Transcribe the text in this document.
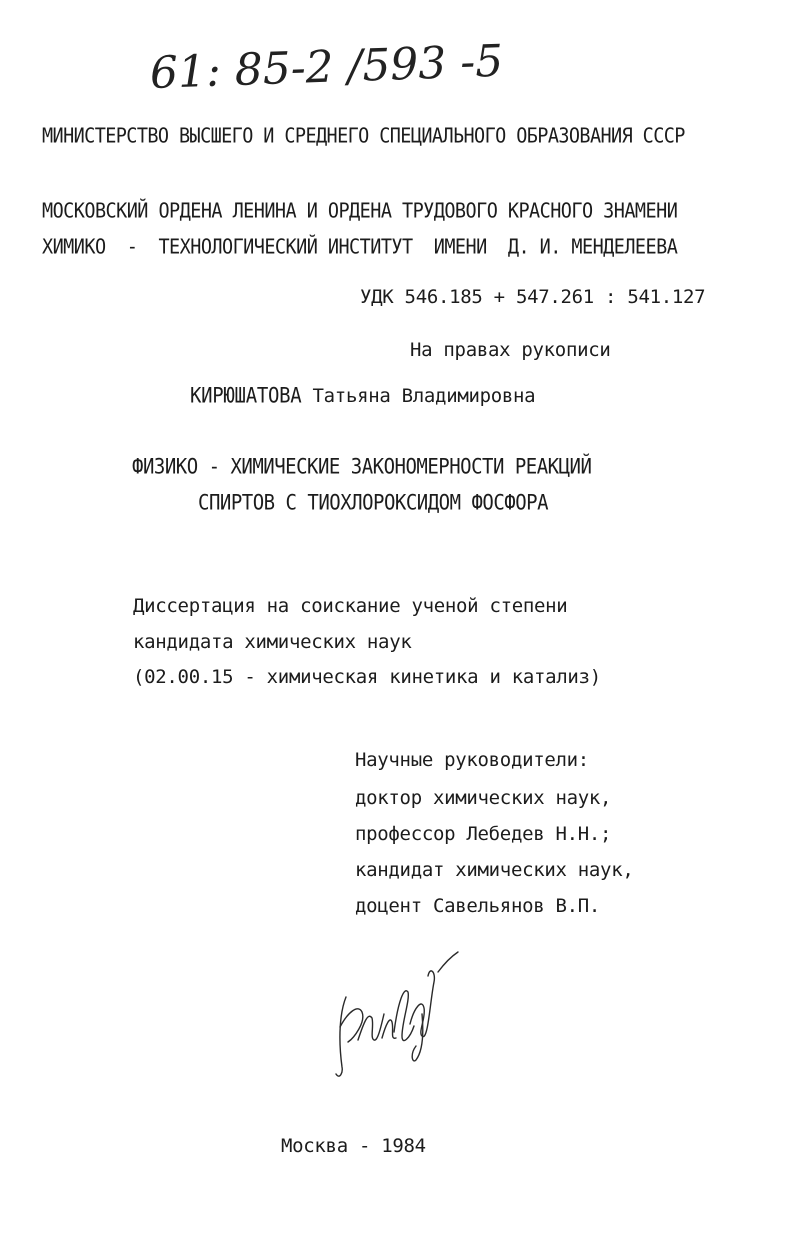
61: 85-2 /593 -5
МИНИСТЕРСТВО ВЫСШЕГО И СРЕДНЕГО СПЕЦИАЛЬНОГО ОБРАЗОВАНИЯ СССР
МОСКОВСКИЙ ОРДЕНА ЛЕНИНА И ОРДЕНА ТРУДОВОГО КРАСНОГО ЗНАМЕНИ
ХИМИКО  -  ТЕХНОЛОГИЧЕСКИЙ ИНСТИТУТ  ИМЕНИ  Д. И. МЕНДЕЛЕЕВА
УДК 546.185 + 547.261 : 541.127
На правах рукописи
КИРЮШАТОВА Татьяна Владимировна
ФИЗИКО - ХИМИЧЕСКИЕ ЗАКОНОМЕРНОСТИ РЕАКЦИЙ
СПИРТОВ С ТИОХЛОРОКСИДОМ ФОСФОРА
Диссертация на соискание ученой степени
кандидата химических наук
(02.00.15 - химическая кинетика и катализ)
Научные руководители:
доктор химических наук,
профессор Лебедев Н.Н.;
кандидат химических наук,
доцент Савельянов В.П.
Москва - 1984
